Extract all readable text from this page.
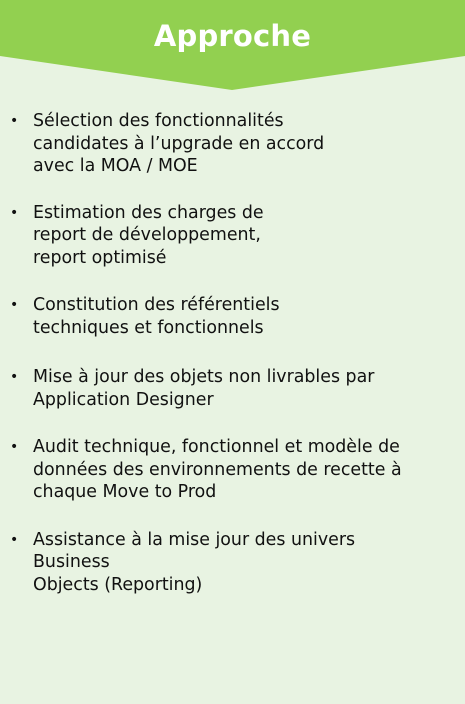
Approche
• Sélection des fonctionnalités
candidates à l’upgrade en accord
avec la MOA / MOE
• Estimation des charges de
report de développement,
report optimisé
• Constitution des référentiels
techniques et fonctionnels
• Mise à jour des objets non livrables par
Application Designer
• Audit technique, fonctionnel et modèle de
données des environnements de recette à
chaque Move to Prod
• Assistance à la mise jour des univers
Business
Objects (Reporting)
